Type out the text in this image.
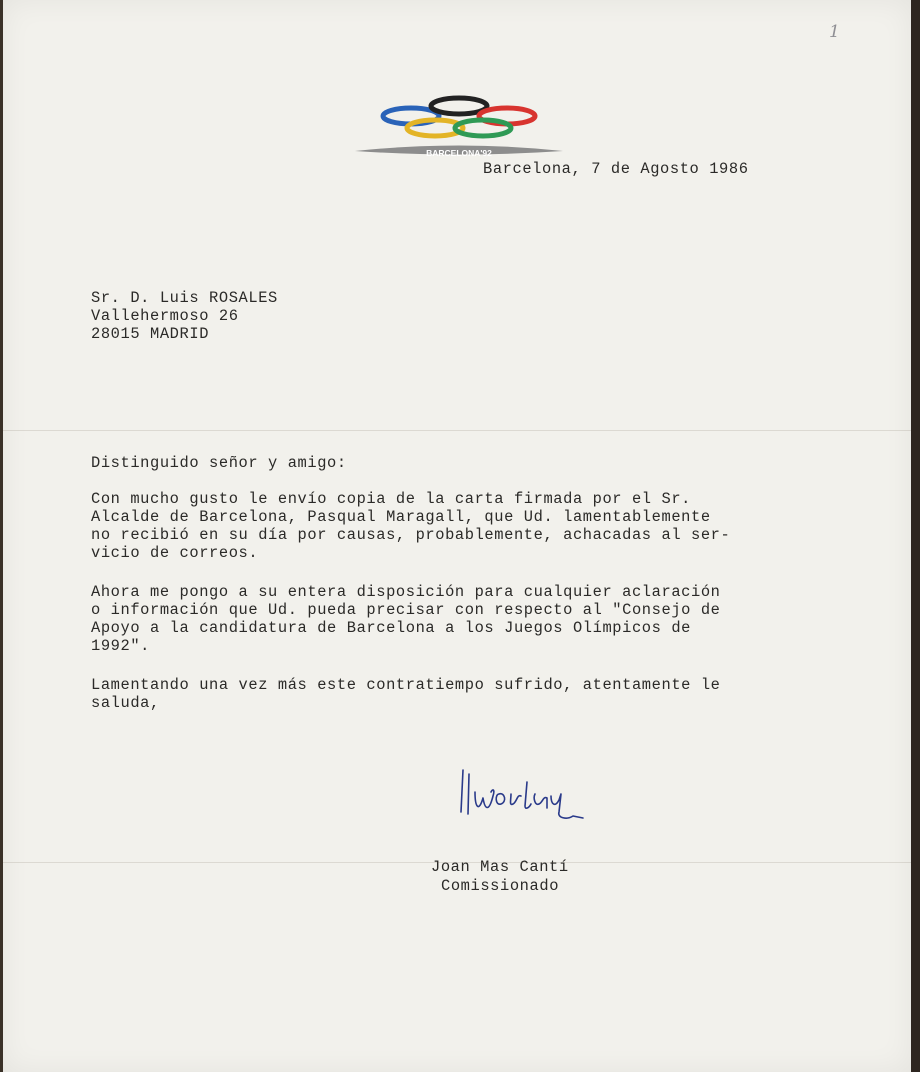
1
BARCELONA'92
Barcelona, 7 de Agosto 1986
Sr. D. Luis ROSALES
Vallehermoso 26
28015 MADRID
Distinguido señor y amigo:
Con mucho gusto le envío copia de la carta firmada por el Sr.
Alcalde de Barcelona, Pasqual Maragall, que Ud. lamentablemente
no recibió en su día por causas, probablemente, achacadas al ser-
vicio de correos.
Ahora me pongo a su entera disposición para cualquier aclaración
o información que Ud. pueda precisar con respecto al "Consejo de
Apoyo a la candidatura de Barcelona a los Juegos Olímpicos de
1992".
Lamentando una vez más este contratiempo sufrido, atentamente le
saluda,
Joan Mas Cantí
Comissionado
